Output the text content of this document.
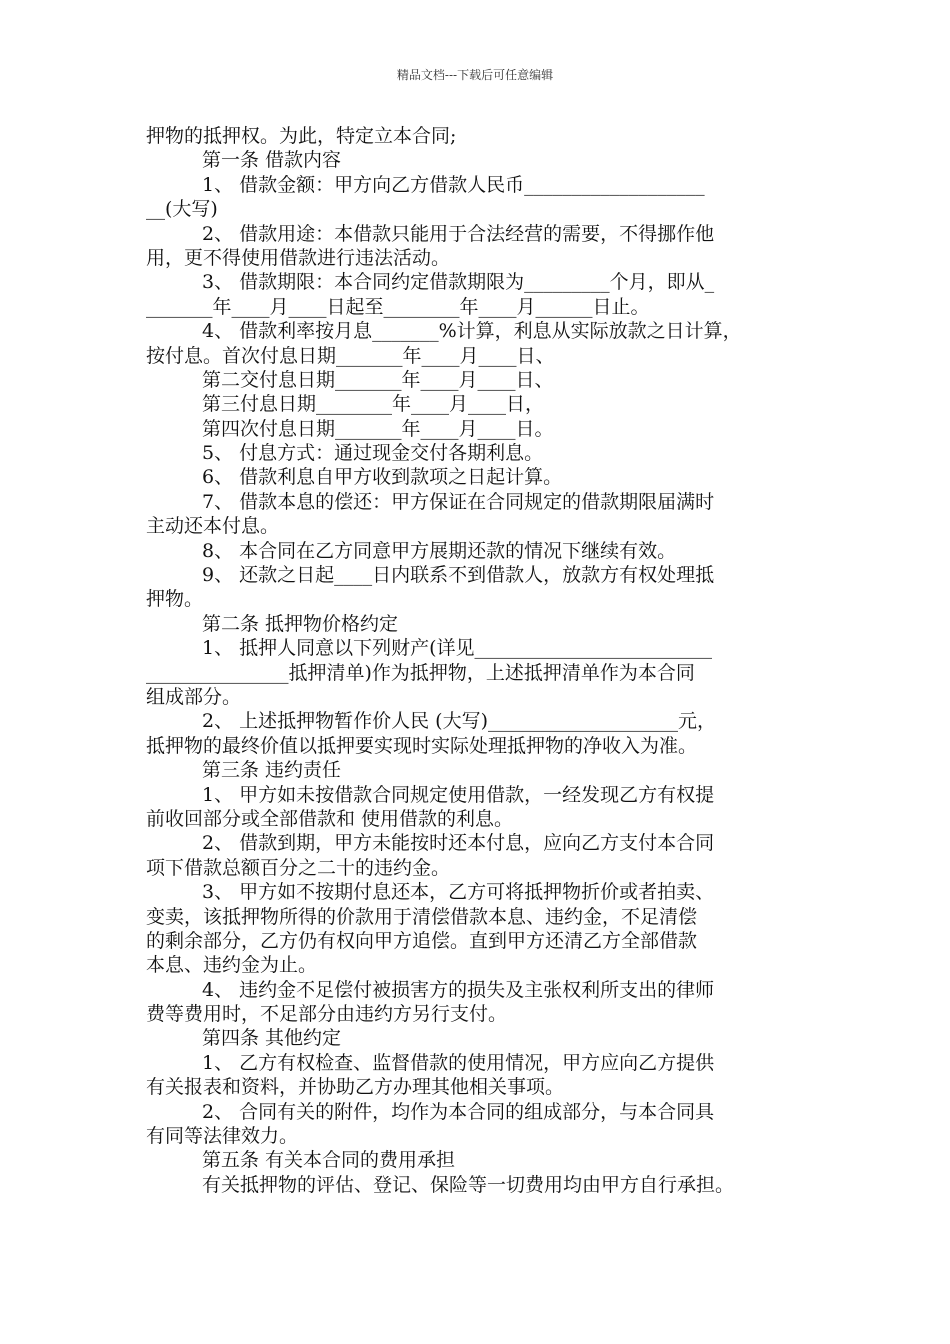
精品文档---下载后可任意编辑
押物的抵押权。为此，特定立本合同;
第一条 借款内容
1、 借款金额：甲方向乙方借款人民币___________________
__(大写)
2、 借款用途：本借款只能用于合法经营的需要，不得挪作他
用，更不得使用借款进行违法活动。
3、 借款期限：本合同约定借款期限为_________个月，即从_
_______年____月____日起至________年____月______日止。
4、 借款利率按月息_______%计算，利息从实际放款之日计算，
按付息。首次付息日期_______年____月____日、
第二交付息日期_______年____月____日、
第三付息日期________年____月____日，
第四次付息日期_______年____月____日。
5、 付息方式：通过现金交付各期利息。
6、 借款利息自甲方收到款项之日起计算。
7、 借款本息的偿还：甲方保证在合同规定的借款期限届满时
主动还本付息。
8、 本合同在乙方同意甲方展期还款的情况下继续有效。
9、 还款之日起____日内联系不到借款人，放款方有权处理抵
押物。
第二条 抵押物价格约定
1、 抵押人同意以下列财产(详见_________________________
_______________抵押清单)作为抵押物，上述抵押清单作为本合同
组成部分。
2、 上述抵押物暂作价人民 (大写)____________________元，
抵押物的最终价值以抵押要实现时实际处理抵押物的净收入为准。
第三条 违约责任
1、 甲方如未按借款合同规定使用借款，一经发现乙方有权提
前收回部分或全部借款和 使用借款的利息。
2、 借款到期，甲方未能按时还本付息，应向乙方支付本合同
项下借款总额百分之二十的违约金。
3、 甲方如不按期付息还本，乙方可将抵押物折价或者拍卖、
变卖，该抵押物所得的价款用于清偿借款本息、违约金，不足清偿
的剩余部分，乙方仍有权向甲方追偿。直到甲方还清乙方全部借款
本息、违约金为止。
4、 违约金不足偿付被损害方的损失及主张权利所支出的律师
费等费用时，不足部分由违约方另行支付。
第四条 其他约定
1、 乙方有权检查、监督借款的使用情况，甲方应向乙方提供
有关报表和资料，并协助乙方办理其他相关事项。
2、 合同有关的附件，均作为本合同的组成部分，与本合同具
有同等法律效力。
第五条 有关本合同的费用承担
有关抵押物的评估、登记、保险等一切费用均由甲方自行承担。
